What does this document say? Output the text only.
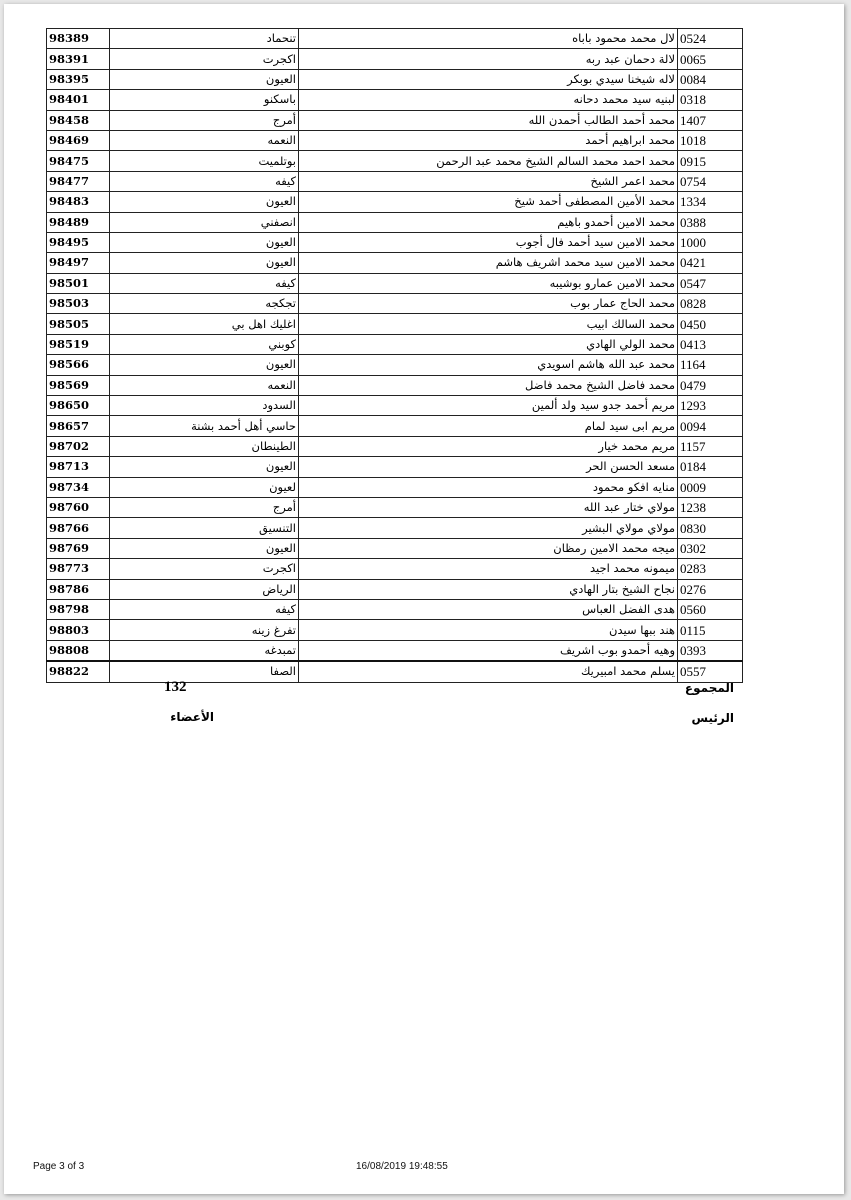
98389	تنحماد	لال محمد محمود باباه	0524
98391	اكجرت	لالة دحمان عبد ربه	0065
98395	العيون	لاله شيخنا سيدي بوبكر	0084
98401	باسكنو	لبنيه سيد محمد دحانه	0318
98458	أمرج	محمد أحمد الطالب أحمدن الله	1407
98469	النعمه	محمد ابراهيم أحمد	1018
98475	بوتلميت	محمد احمد محمد السالم الشيخ محمد عبد الرحمن	0915
98477	كيفه	محمد اعمر الشيخ	0754
98483	العيون	محمد الأمين المصطفى أحمد شيخ	1334
98489	انصفني	محمد الامين أحمدو باهيم	0388
98495	العيون	محمد الامين سيد أحمد فال أجوب	1000
98497	العيون	محمد الامين سيد محمد اشريف هاشم	0421
98501	كيفه	محمد الامين عمارو بوشيبه	0547
98503	تجكجه	محمد الحاج عمار بوب	0828
98505	اغليك اهل بي	محمد السالك ابيب	0450
98519	كوبني	محمد الولي الهادي	0413
98566	العيون	محمد عبد الله هاشم اسويدي	1164
98569	النعمه	محمد فاضل الشيخ محمد فاضل	0479
98650	السدود	مريم أحمد جدو سيد ولد ألمين	1293
98657	حاسي أهل أحمد بشنة	مريم ابى سيد لمام	0094
98702	الطينطان	مريم محمد خيار	1157
98713	العيون	مسعد الحسن الحر	0184
98734	لعيون	منايه افكو محمود	0009
98760	أمرج	مولاي ختار عبد الله	1238
98766	التنسيق	مولاي مولاي البشير	0830
98769	العيون	ميجه محمد الامين رمظان	0302
98773	اكجرت	ميمونه محمد اجيد	0283
98786	الرياض	نجاح الشيخ بتار الهادي	0276
98798	كيفه	هدى الفضل العباس	0560
98803	تفرغ زينه	هند ببها سيدن	0115
98808	تمبدغه	وهيه أحمدو بوب اشريف	0393
98822	الصفا	يسلم محمد امبيريك	0557
المجموع
132
الرئيس
الأعضاء
Page 3 of 3	16/08/2019 19:48:55
